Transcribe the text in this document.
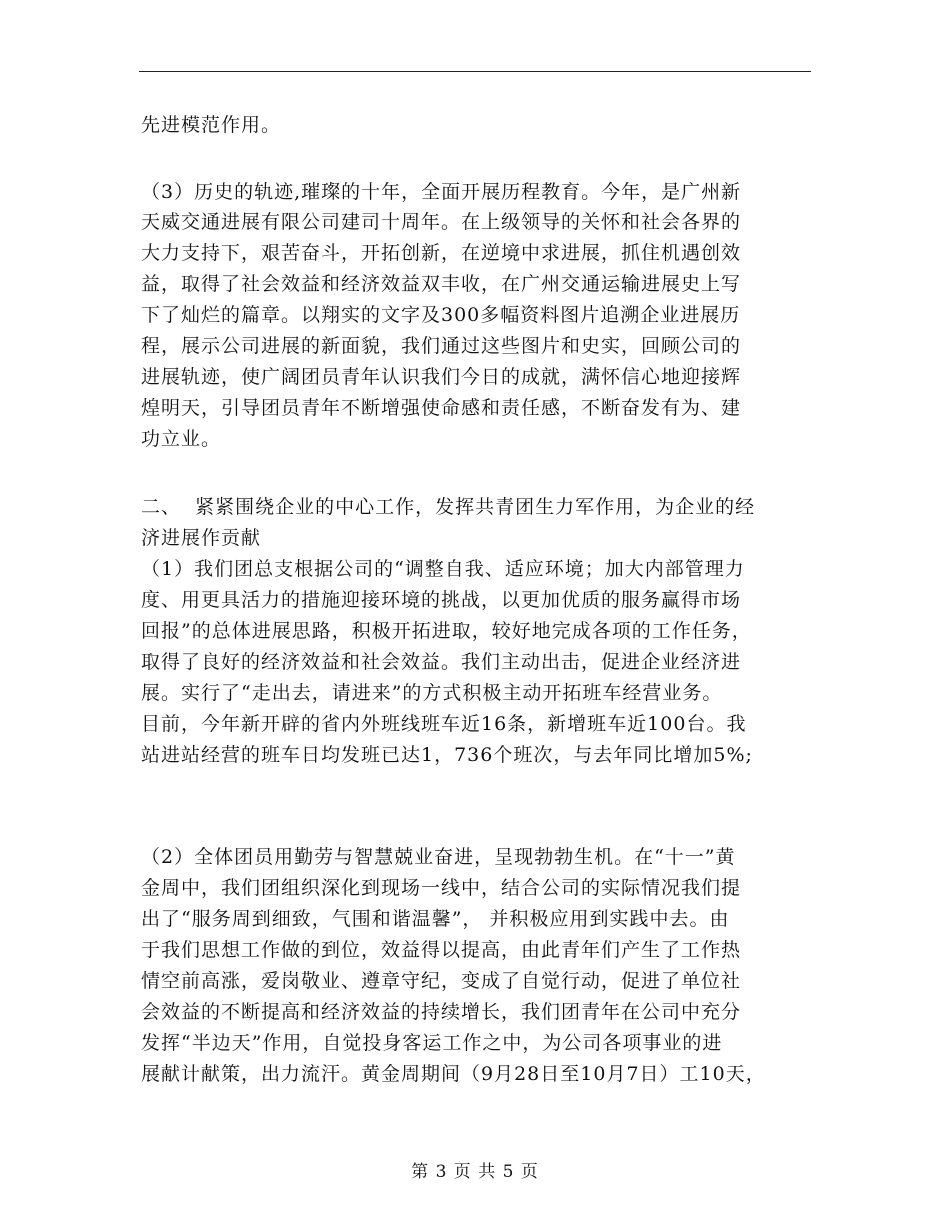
先进模范作用。
（3）历史的轨迹,璀璨的十年，全面开展历程教育。今年，是广州新
天威交通进展有限公司建司十周年。在上级领导的关怀和社会各界的
大力支持下，艰苦奋斗，开拓创新，在逆境中求进展，抓住机遇创效
益，取得了社会效益和经济效益双丰收，在广州交通运输进展史上写
下了灿烂的篇章。以翔实的文字及300多幅资料图片追溯企业进展历
程，展示公司进展的新面貌，我们通过这些图片和史实，回顾公司的
进展轨迹，使广阔团员青年认识我们今日的成就，满怀信心地迎接辉
煌明天，引导团员青年不断增强使命感和责任感，不断奋发有为、建
功立业。
二、  紧紧围绕企业的中心工作，发挥共青团生力军作用，为企业的经
济进展作贡献
（1）我们团总支根据公司的“调整自我、适应环境；加大内部管理力
度、用更具活力的措施迎接环境的挑战，以更加优质的服务赢得市场
回报”的总体进展思路，积极开拓进取，较好地完成各项的工作任务，
取得了良好的经济效益和社会效益。我们主动出击，促进企业经济进
展。实行了“走出去，请进来”的方式积极主动开拓班车经营业务。
目前，今年新开辟的省内外班线班车近16条，新增班车近100台。我
站进站经营的班车日均发班已达1，736个班次，与去年同比增加5%;
（2）全体团员用勤劳与智慧兢业奋进，呈现勃勃生机。在“十一”黄
金周中，我们团组织深化到现场一线中，结合公司的实际情况我们提
出了“服务周到细致，气围和谐温馨”， 并积极应用到实践中去。由
于我们思想工作做的到位，效益得以提高，由此青年们产生了工作热
情空前高涨，爱岗敬业、遵章守纪，变成了自觉行动，促进了单位社
会效益的不断提高和经济效益的持续增长，我们团青年在公司中充分
发挥“半边天”作用，自觉投身客运工作之中，为公司各项事业的进
展献计献策，出力流汗。黄金周期间（9月28日至10月7日）工10天，
第 3 页 共 5 页
